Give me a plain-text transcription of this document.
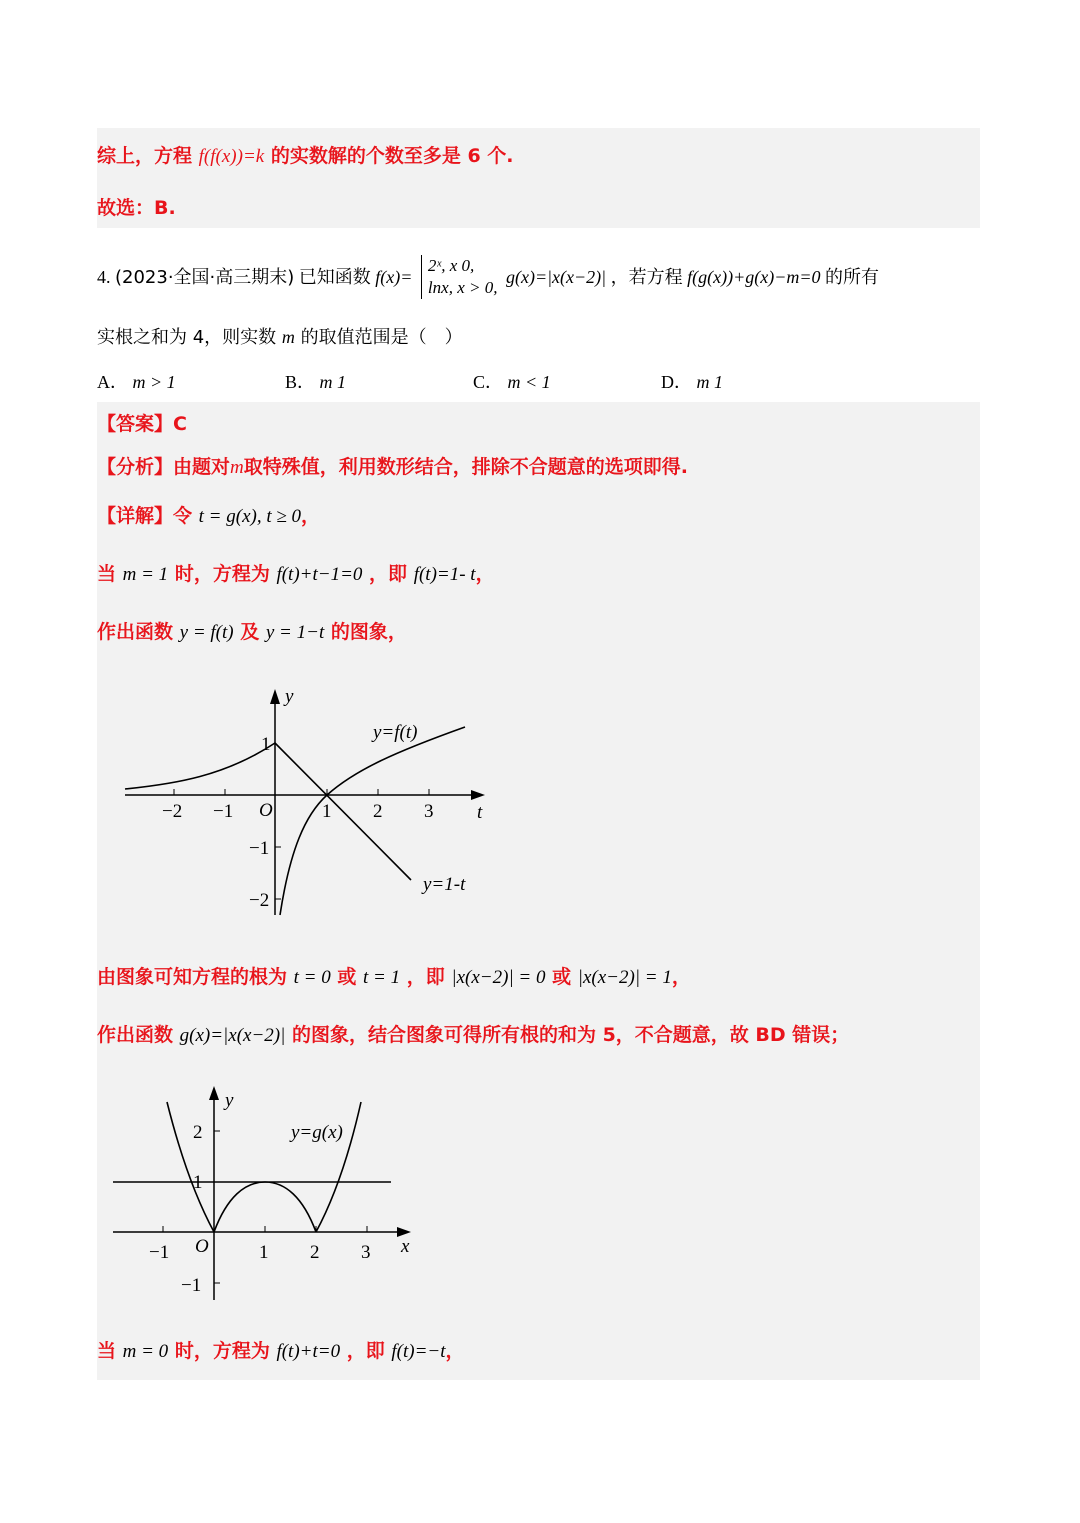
综上，方程 f(f(x))=k 的实数解的个数至多是 6 个.
故选：B.
4. (2023·全国·高三期末) 已知函数 f(x)=
2ˣ, x 0,
lnx, x > 0,
g(x)=|x(x−2)| ，若方程 f(g(x))+g(x)−m=0 的所有
实根之和为 4，则实数 m 的取值范围是（　）
A． m > 1	B． m 1	C． m < 1	D． m 1
【答案】C
【分析】由题对m取特殊值，利用数形结合，排除不合题意的选项即得.
【详解】令 t = g(x), t ≥ 0，
当 m = 1 时，方程为 f(t)+t−1=0 ，即 f(t)=1- t，
作出函数 y = f(t) 及 y = 1−t 的图象，
y
t
O
y=f(t)
y=1-t
−2 −1	1 2 3
1
−1
−2
由图象可知方程的根为 t = 0 或 t = 1 ，即 |x(x−2)| = 0 或 |x(x−2)| = 1，
作出函数 g(x)=|x(x−2)| 的图象，结合图象可得所有根的和为 5，不合题意，故 BD 错误；
y
x
O
y=g(x)
−1	1 2 3
2
1
−1
当 m = 0 时，方程为 f(t)+t=0 ，即 f(t)=−t，
